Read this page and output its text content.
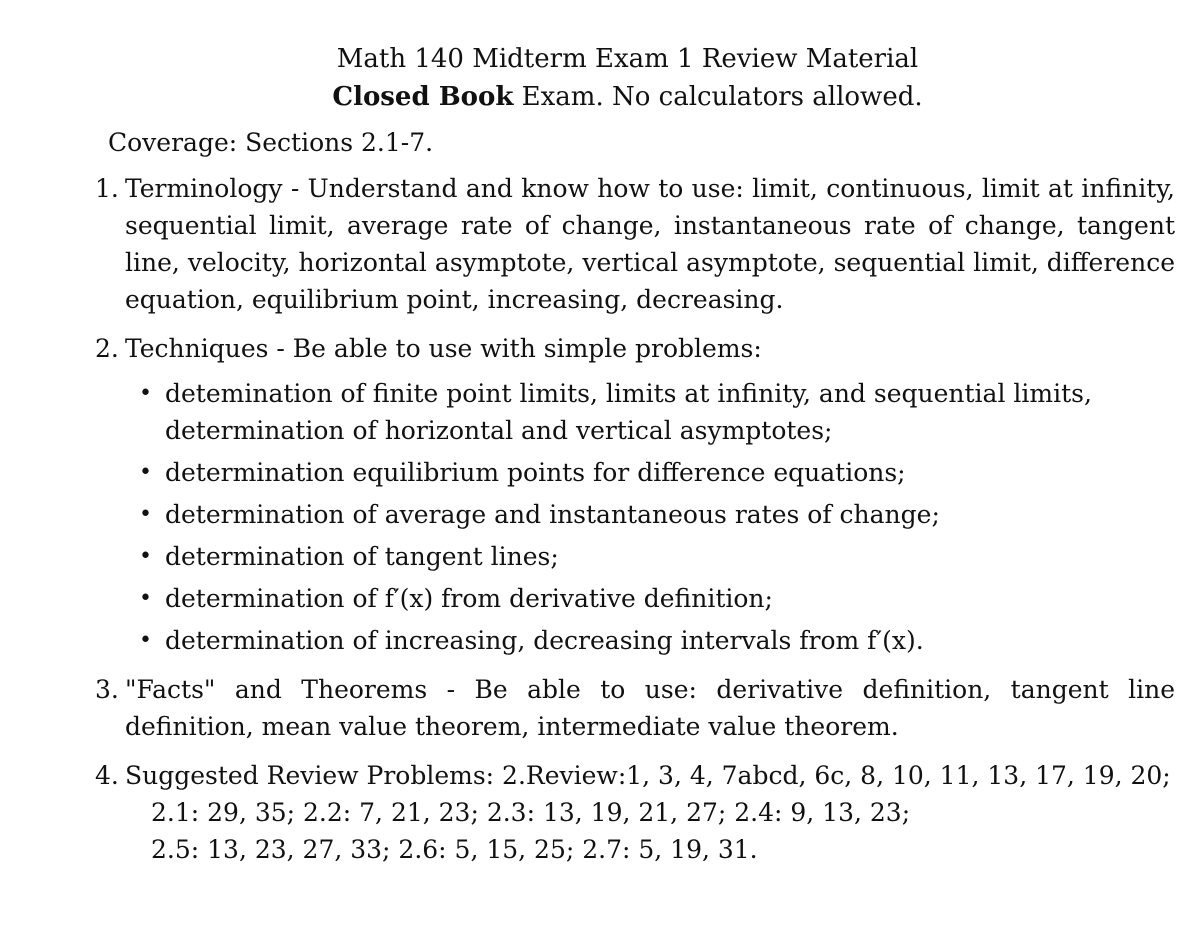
Math 140 Midterm Exam 1 Review Material
Closed Book Exam. No calculators allowed.
Coverage: Sections 2.1-7.
1. Terminology - Understand and know how to use: limit, continuous, limit at infinity, sequential limit, average rate of change, instantaneous rate of change, tangent line, velocity, horizontal asymptote, vertical asymptote, sequential limit, difference equation, equilibrium point, increasing, decreasing.
2. Techniques - Be able to use with simple problems:
• detemination of finite point limits, limits at infinity, and sequential limits, determination of horizontal and vertical asymptotes;
• determination equilibrium points for difference equations;
• determination of average and instantaneous rates of change;
• determination of tangent lines;
• determination of f′(x) from derivative definition;
• determination of increasing, decreasing intervals from f′(x).
3. "Facts" and Theorems - Be able to use: derivative definition, tangent line definition, mean value theorem, intermediate value theorem.
4. Suggested Review Problems: 2.Review:1, 3, 4, 7abcd, 6c, 8, 10, 11, 13, 17, 19, 20;
2.1: 29, 35; 2.2: 7, 21, 23; 2.3: 13, 19, 21, 27; 2.4: 9, 13, 23;
2.5: 13, 23, 27, 33; 2.6: 5, 15, 25; 2.7: 5, 19, 31.
